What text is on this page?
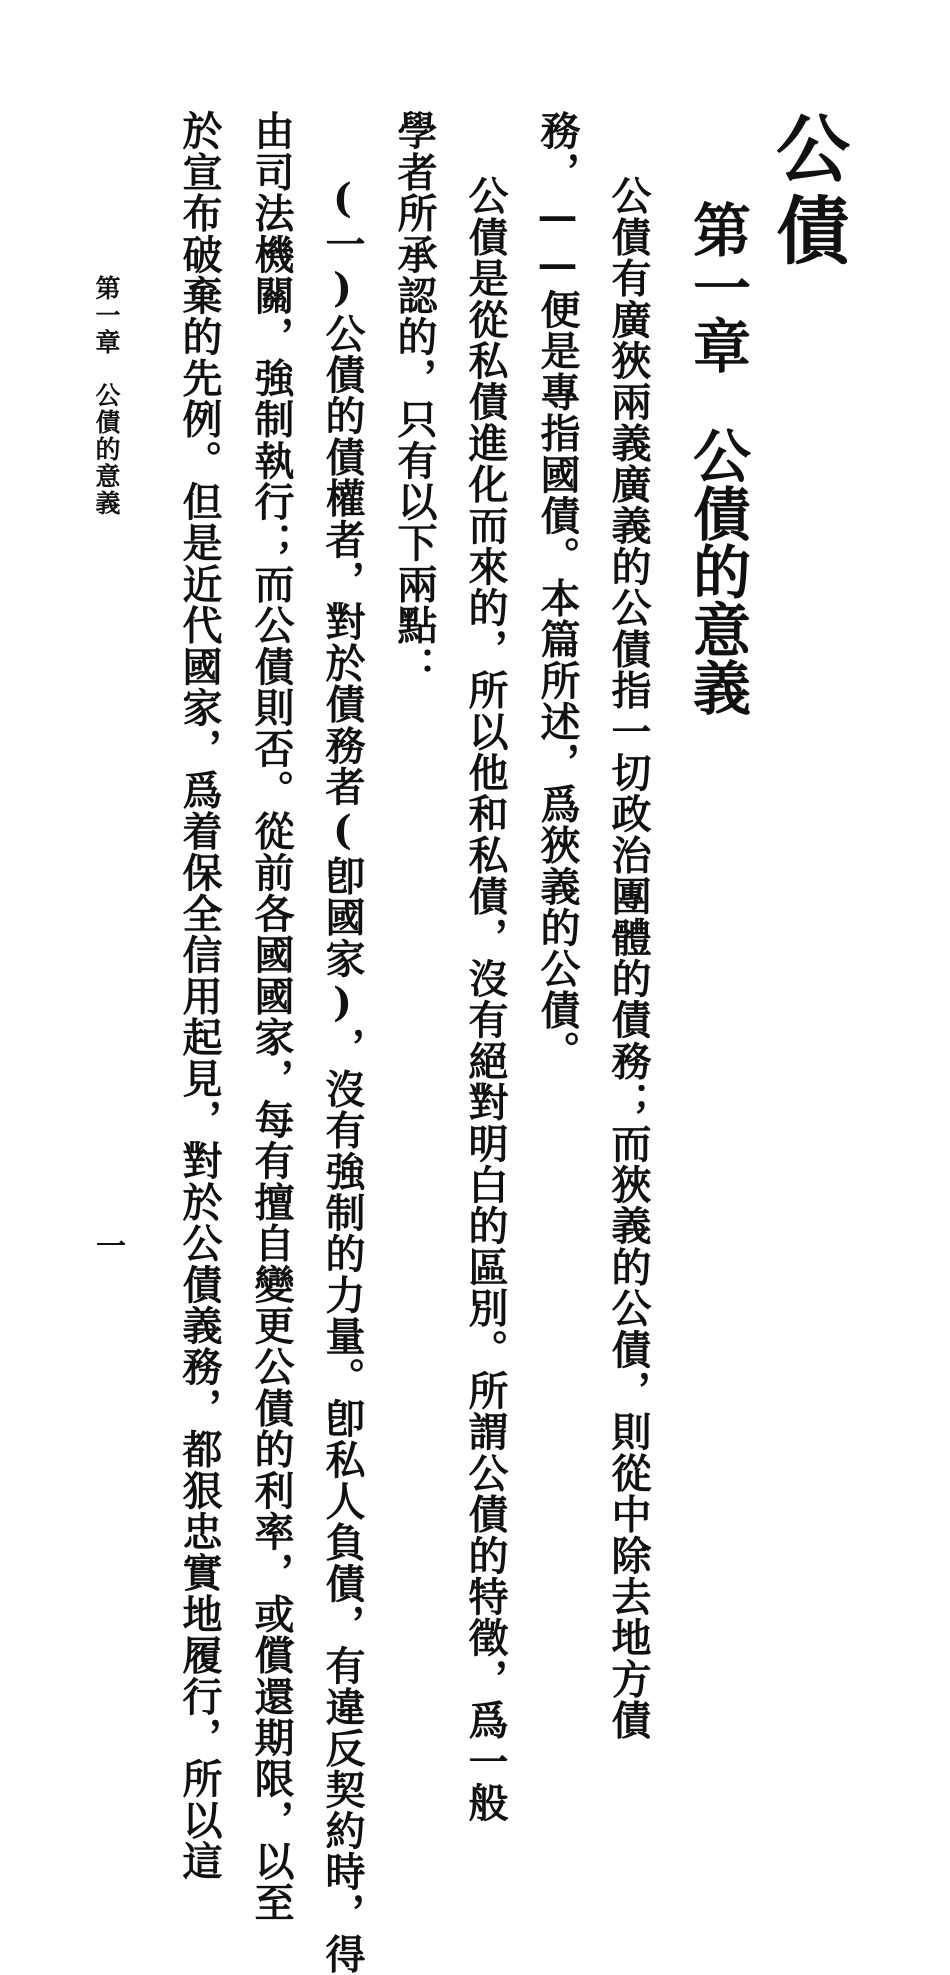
公債
第一章公債的意義
公債有廣狹兩義廣義的公債指一切政治團體的債務；而狹義的公債，則從中除去地方債
務，——便是專指國債。本篇所述，爲狹義的公債。
公債是從私債進化而來的，所以他和私債，沒有絕對明白的區別。所謂公債的特徵，爲一般
學者所承認的，只有以下兩點：
(一)公債的債權者，對於債務者(卽國家)，沒有強制的力量。卽私人負債，有違反契約時，得
由司法機關，強制執行；而公債則否。從前各國國家，每有擅自變更公債的利率，或償還期限，以至
於宣布破棄的先例。但是近代國家，爲着保全信用起見，對於公債義務，都狠忠實地履行，所以這
第一章公債的意義
一
